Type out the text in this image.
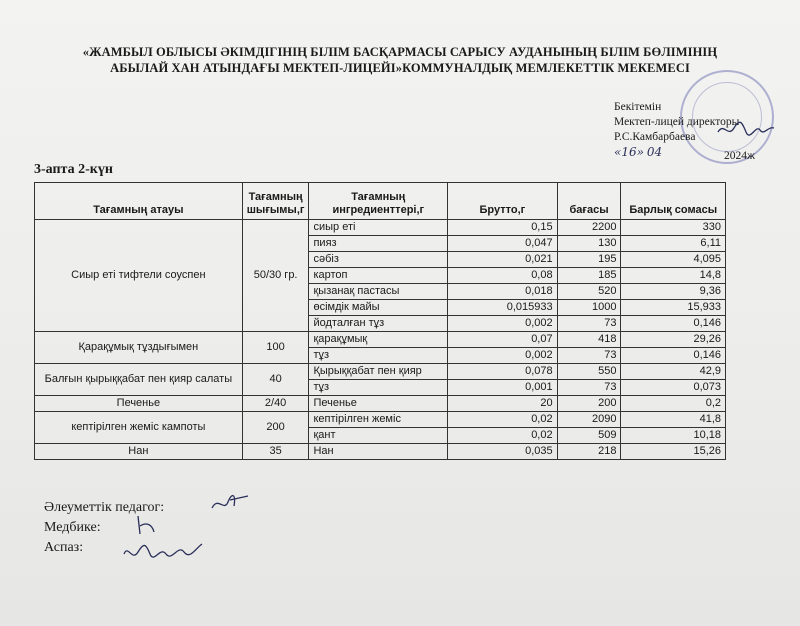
«ЖАМБЫЛ ОБЛЫСЫ ӘКІМДІГІНІҢ БІЛІМ БАСҚАРМАСЫ САРЫСУ АУДАНЫНЫҢ БІЛІМ БӨЛІМІНІҢ
АБЫЛАЙ ХАН АТЫНДАҒЫ МЕКТЕП-ЛИЦЕЙІ»КОММУНАЛДЫҚ МЕМЛЕКЕТТІК МЕКЕМЕСІ
Бекітемін
Мектеп-лицей директоры
Р.С.Камбарбаева
«16» 04	2024ж
3-апта 2-күн
Тағамның атауы	Тағамның шығымы,г	Тағамның ингредиенттері,г	Брутто,г	бағасы	Барлық сомасы
Сиыр еті тифтели соуспен	50/30 гр.	сиыр еті	0,15	2200	330
		пияз	0,047	130	6,11
		сәбіз	0,021	195	4,095
		картоп	0,08	185	14,8
		қызанақ пастасы	0,018	520	9,36
		өсімдік майы	0,015933	1000	15,933
		йодталған тұз	0,002	73	0,146
Қарақұмық тұздығымен	100	қарақұмық	0,07	418	29,26
		тұз	0,002	73	0,146
Балғын қырыққабат пен қияр салаты	40	Қырыққабат пен қияр	0,078	550	42,9
		тұз	0,001	73	0,073
Печенье	2/40	Печенье	20	200	0,2
кептірілген жеміс кампоты	200	кептірілген жеміс	0,02	2090	41,8
		қант	0,02	509	10,18
Нан	35	Нан	0,035	218	15,26
Әлеуметтік педагог:
Медбике:
Аспаз:
